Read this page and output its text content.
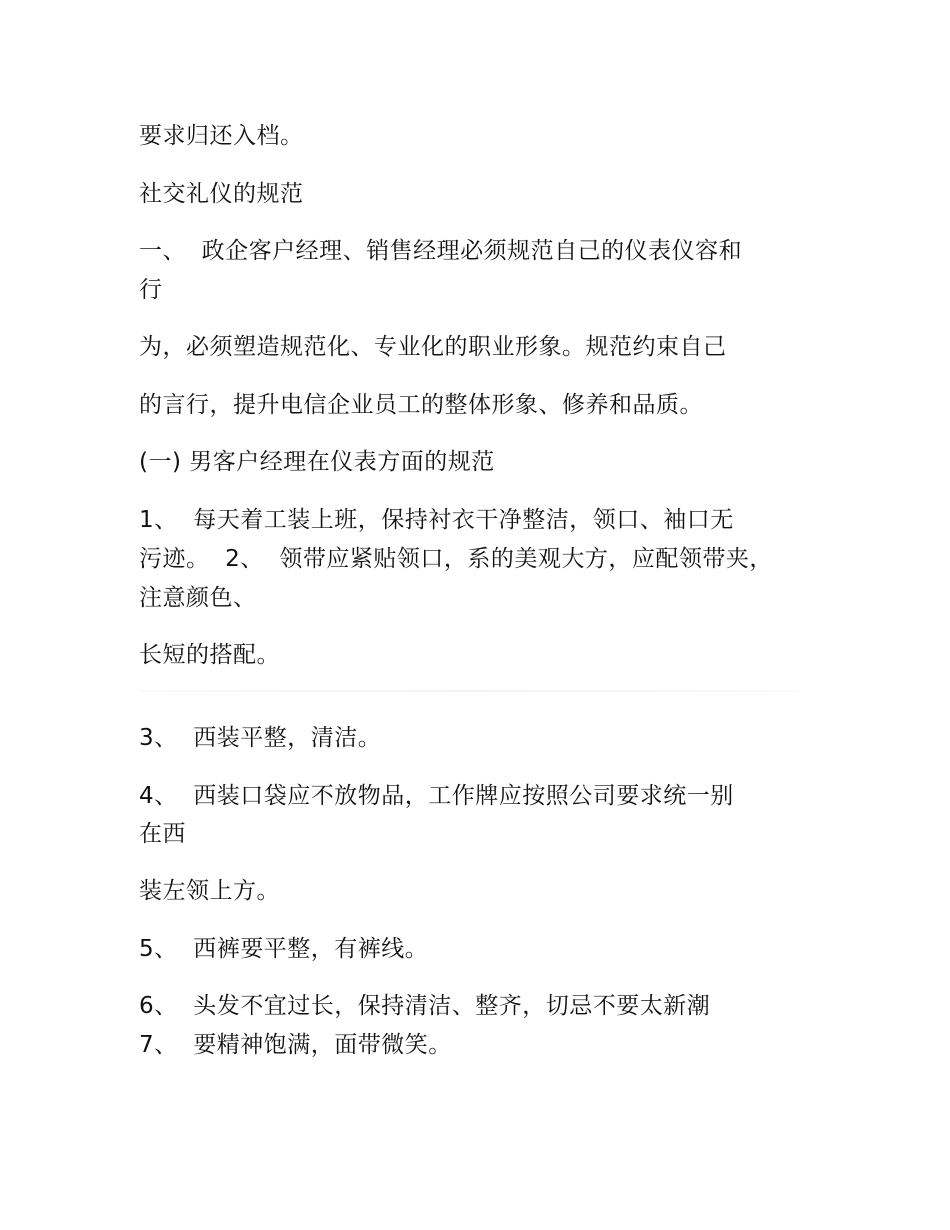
要求归还入档。
社交礼仪的规范
一、  政企客户经理、销售经理必须规范自己的仪表仪容和
行
为，必须塑造规范化、专业化的职业形象。规范约束自己
的言行，提升电信企业员工的整体形象、修养和品质。
(一) 男客户经理在仪表方面的规范
1、  每天着工装上班，保持衬衣干净整洁，领口、袖口无
污迹。  2、  领带应紧贴领口，系的美观大方，应配领带夹，
注意颜色、
长短的搭配。
3、  西装平整，清洁。
4、  西装口袋应不放物品，工作牌应按照公司要求统一别
在西
装左领上方。
5、  西裤要平整，有裤线。
6、  头发不宜过长，保持清洁、整齐，切忌不要太新潮
7、  要精神饱满，面带微笑。
